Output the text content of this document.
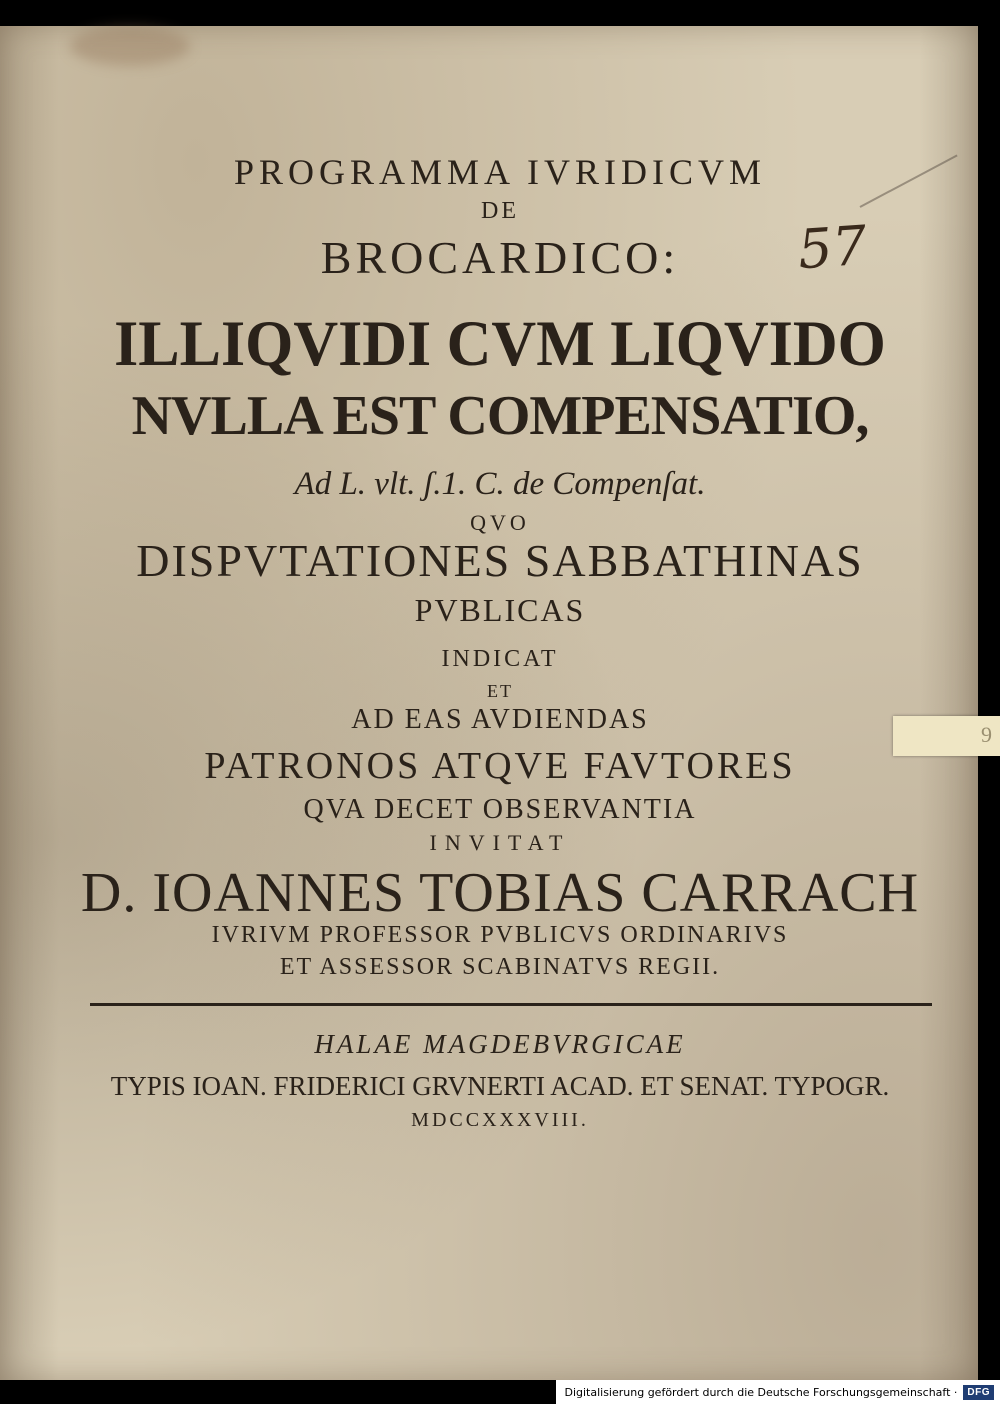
PROGRAMMA IVRIDICVM
DE
BROCARDICO:
ILLIQVIDI CVM LIQVIDO
NVLLA EST COMPENSATIO,
Ad L. vlt. ʃ.1. C. de Compenſat.
QVO
DISPVTATIONES SABBATHINAS
PVBLICAS
INDICAT
ET
AD EAS AVDIENDAS
PATRONOS ATQVE FAVTORES
QVA DECET OBSERVANTIA
INVITAT
D. IOANNES TOBIAS CARRACH
IVRIVM PROFESSOR PVBLICVS ORDINARIVS
ET ASSESSOR SCABINATVS REGII.
HALAE MAGDEBVRGICAE
TYPIS IOAN. FRIDERICI GRVNERTI ACAD. ET SENAT. TYPOGR.
MDCCXXXVIII.
57
9
Digitalisierung gefördert durch die Deutsche Forschungsgemeinschaft ·	DFG
